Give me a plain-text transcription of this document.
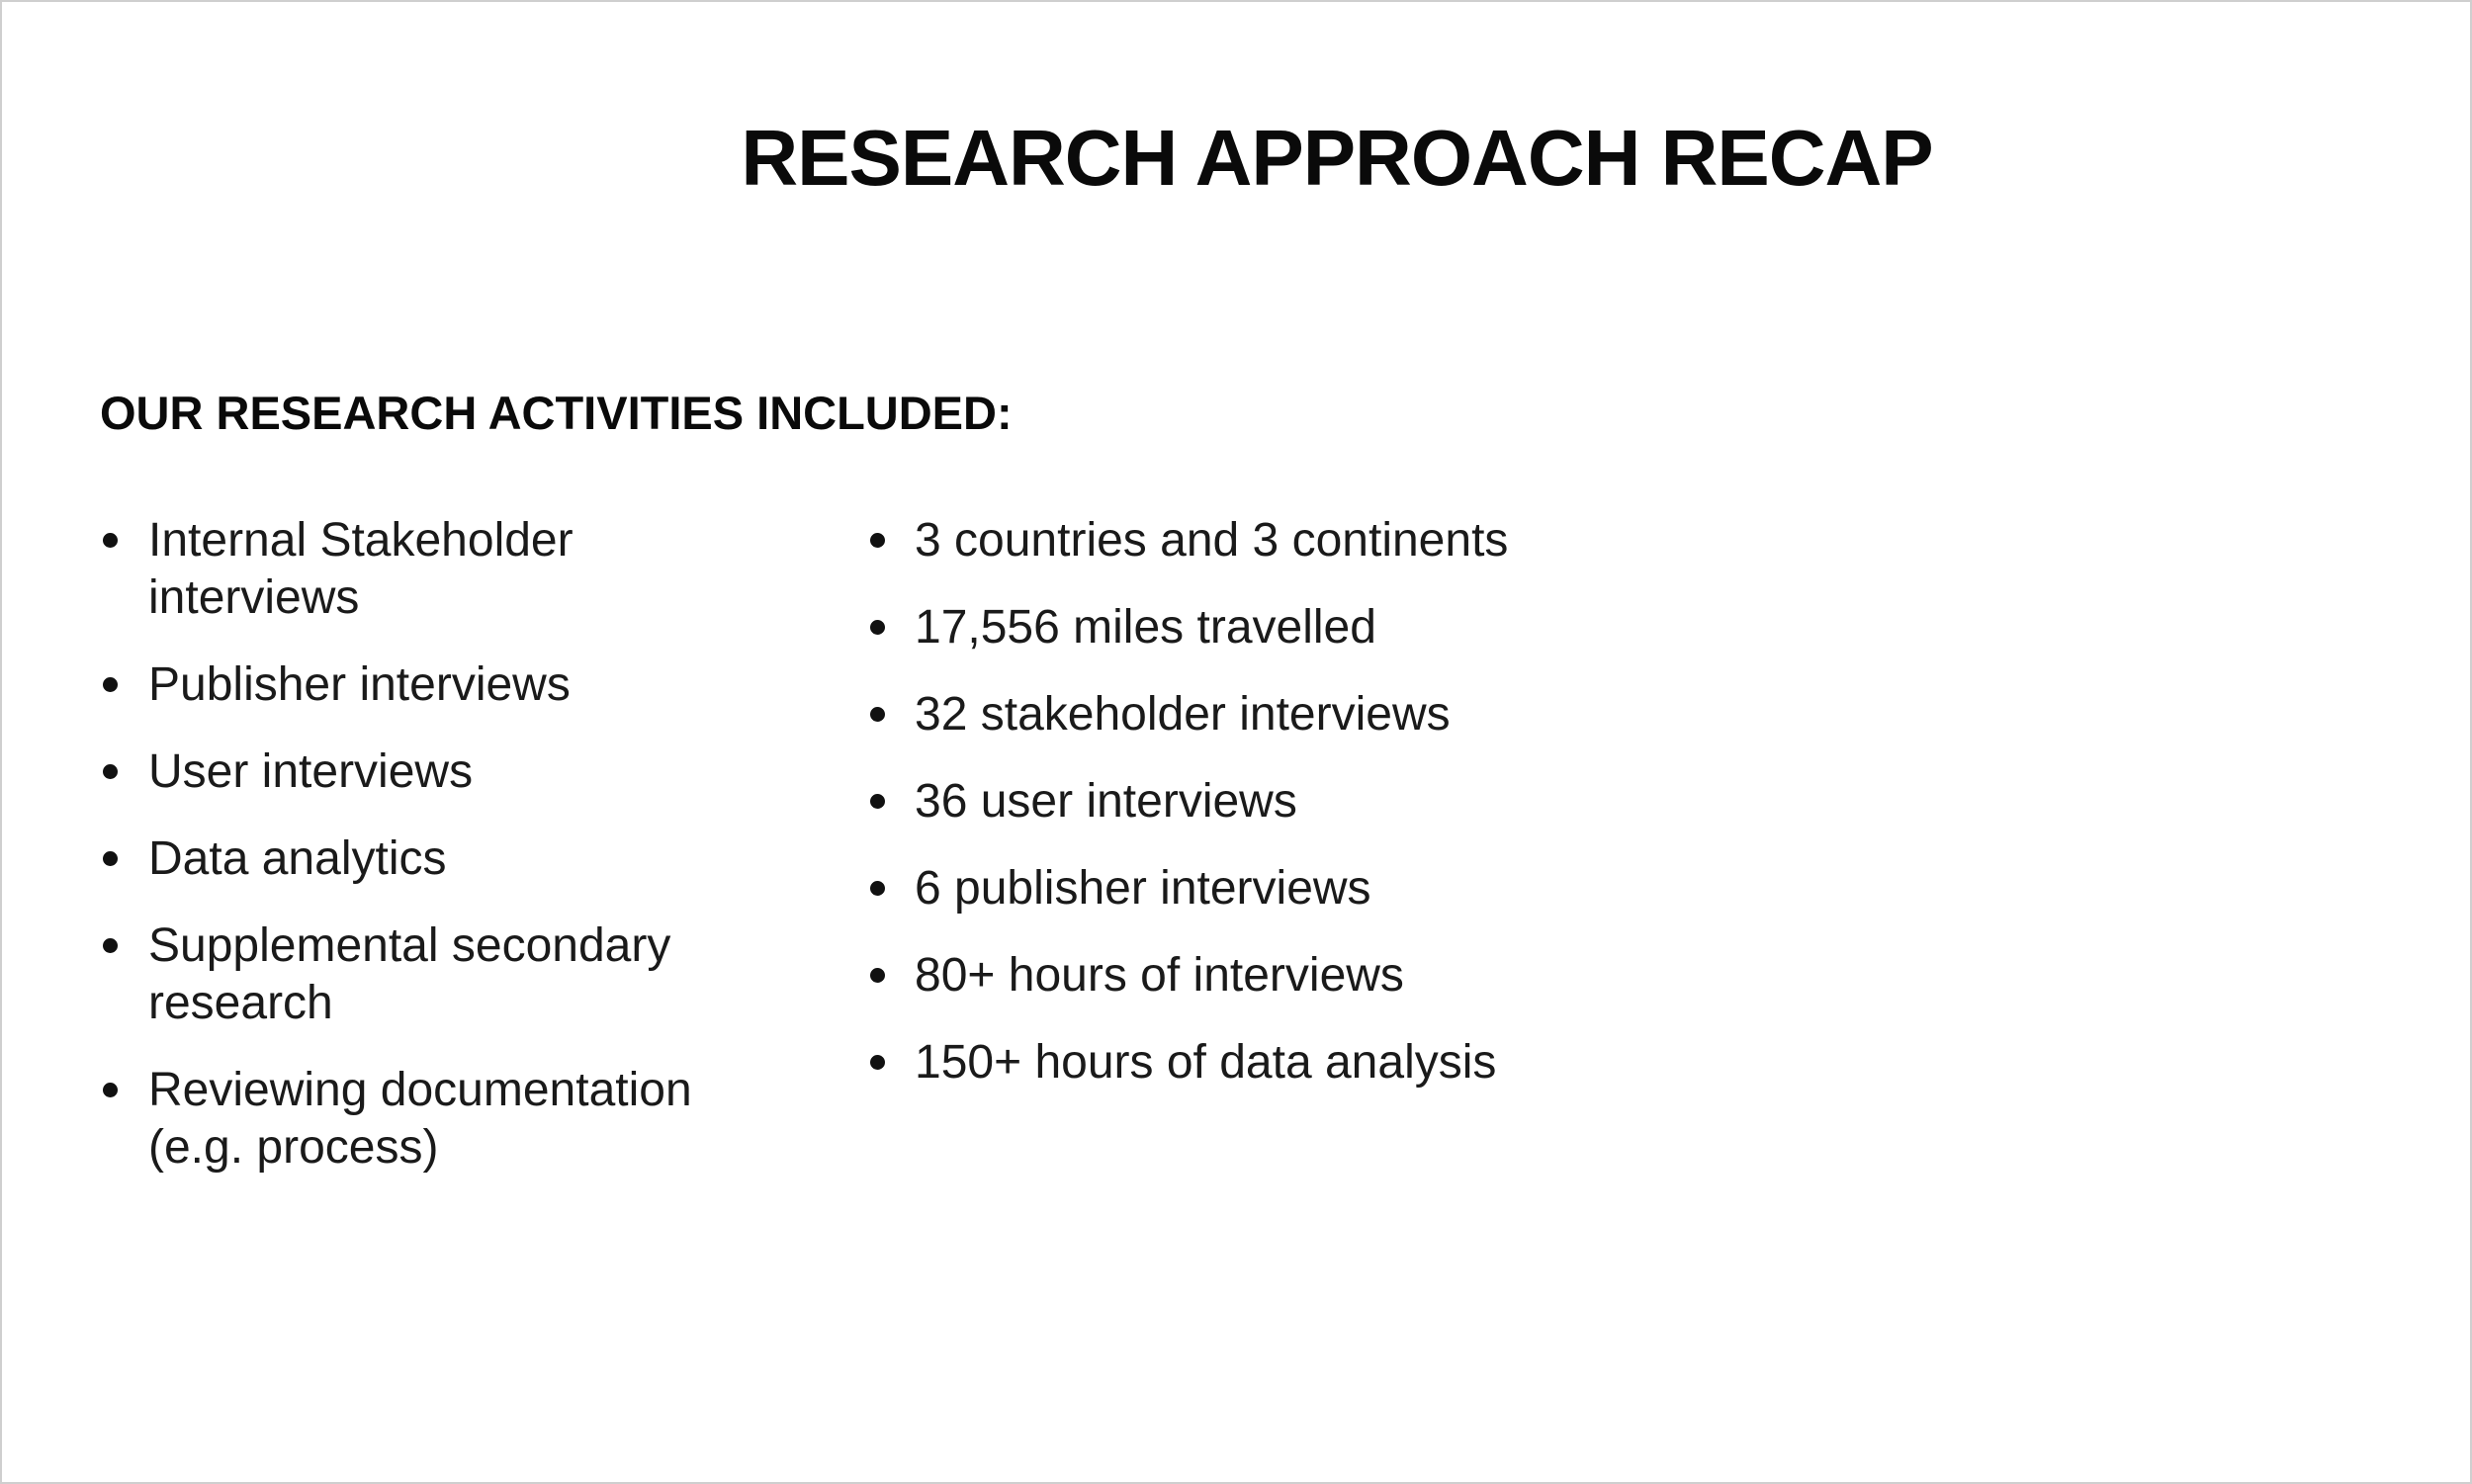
RESEARCH APPROACH RECAP
OUR RESEARCH ACTIVITIES INCLUDED:
Internal Stakeholder interviews
Publisher interviews
User interviews
Data analytics
Supplemental secondary research
Reviewing documentation (e.g. process)
3 countries and 3 continents
17,556 miles travelled
32 stakeholder interviews
36 user interviews
6 publisher interviews
80+ hours of interviews
150+ hours of data analysis
